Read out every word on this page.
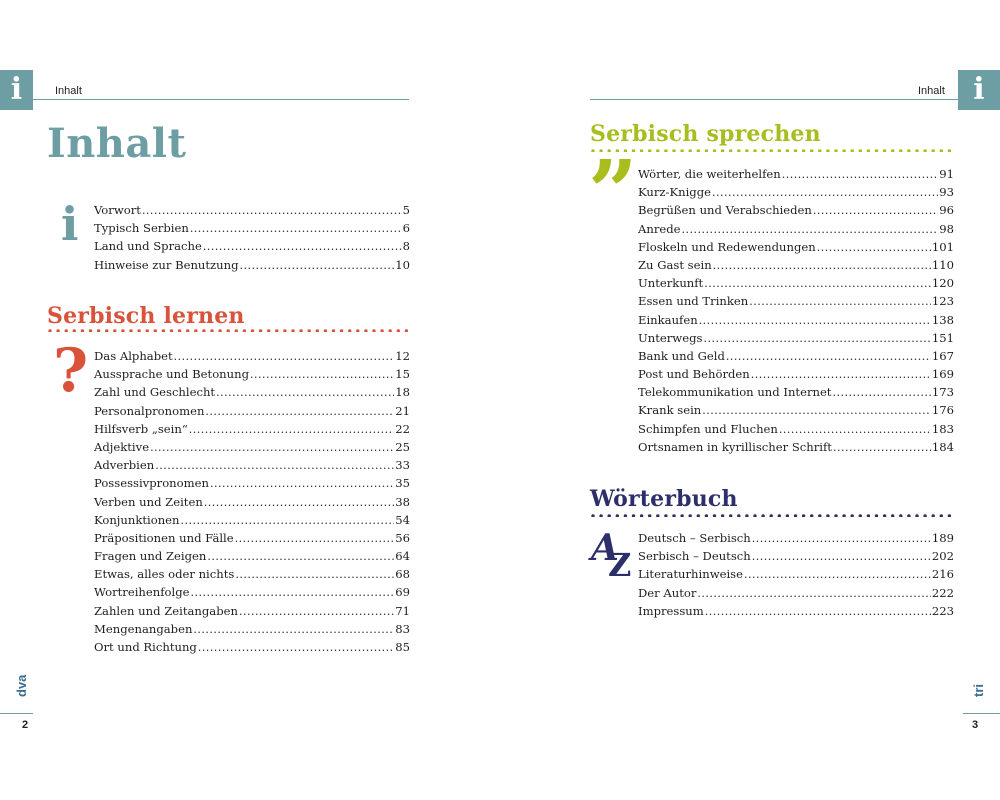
i	Inhalt
Inhalt
i Vorwort .....	5
Typisch Serbien .....	6
Land und Sprache .....	8
Hinweise zur Benutzung .....	10
Serbisch lernen
? Das Alphabet .....	12
Aussprache und Betonung .....	15
Zahl und Geschlecht .....	18
Personalpronomen .....	21
Hilfsverb „sein“ .....	22
Adjektive .....	25
Adverbien .....	33
Possessivpronomen .....	35
Verben und Zeiten .....	38
Konjunktionen .....	54
Präpositionen und Fälle .....	56
Fragen und Zeigen .....	64
Etwas, alles oder nichts .....	68
Wortreihenfolge .....	69
Zahlen und Zeitangaben .....	71
Mengenangaben .....	83
Ort und Richtung .....	85
dva
2
i
Inhalt
Serbisch sprechen
” Wörter, die weiterhelfen .....	91
Kurz-Knigge .....	93
Begrüßen und Verabschieden .....	96
Anrede .....	98
Floskeln und Redewendungen .....	101
Zu Gast sein .....	110
Unterkunft .....	120
Essen und Trinken .....	123
Einkaufen .....	138
Unterwegs .....	151
Bank und Geld .....	167
Post und Behörden .....	169
Telekommunikation und Internet .....	173
Krank sein .....	176
Schimpfen und Fluchen .....	183
Ortsnamen in kyrillischer Schrift .....	184
Wörterbuch
A
Z
Deutsch – Serbisch .....	189
Serbisch – Deutsch .....	202
Literaturhinweise .....	216
Der Autor .....	222
Impressum .....	223
tri
3
